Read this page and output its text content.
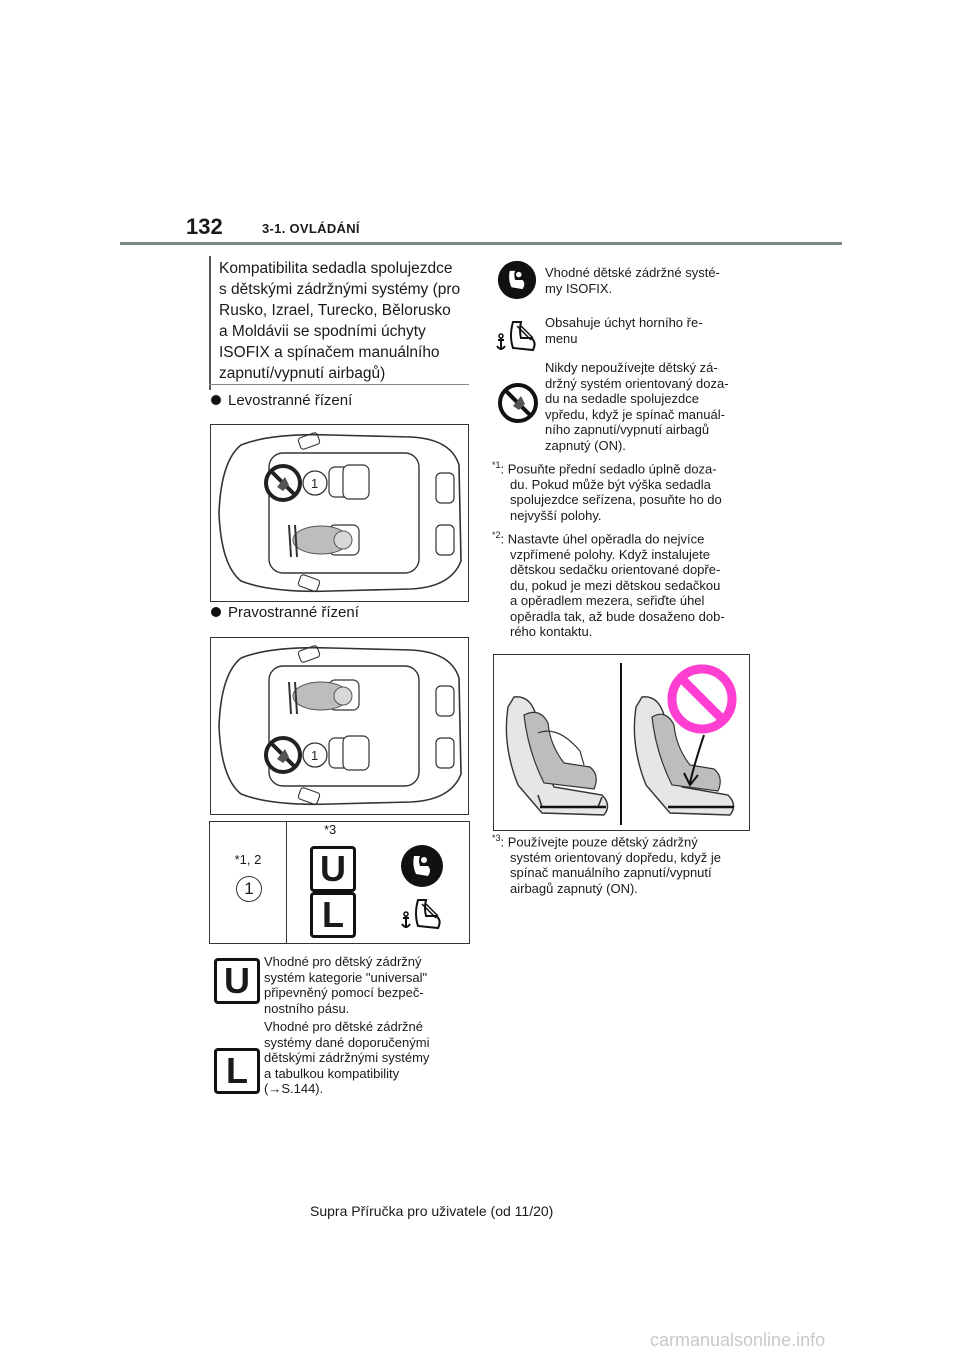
132	3-1. OVLÁDÁNÍ
Kompatibilita sedadla spolujezdce
s dětskými zádržnými systémy (pro
Rusko, Izrael, Turecko, Bělorusko
a Moldávii se spodními úchyty
ISOFIX a spínačem manuálního
zapnutí/vypnutí airbagů)
Levostranné řízení
1
Pravostranné řízení
1
*1, 2
1
*3
U
L
U	Vhodné pro dětský zádržný
systém kategorie "universal"
připevněný pomocí bezpeč-
nostního pásu.
L
Vhodné pro dětské zádržné
systémy dané doporučenými
dětskými zádržnými systémy
a tabulkou kompatibility
(→S.144).
Vhodné dětské zádržné systé-
my ISOFIX.
Obsahuje úchyt horního ře-
menu
Nikdy nepoužívejte dětský zá-
držný systém orientovaný doza-
du na sedadle spolujezdce
vpředu, když je spínač manuál-
ního zapnutí/vypnutí airbagů
zapnutý (ON).
$^{*1}$: Posuňte přední sedadlo úplně doza-
du. Pokud může být výška sedadla
spolujezdce seřízena, posuňte ho do
nejvyšší polohy.
$^{*2}$: Nastavte úhel opěradla do nejvíce
vzpřímené polohy. Když instalujete
dětskou sedačku orientované dopře-
du, pokud je mezi dětskou sedačkou
a opěradlem mezera, seřiďte úhel
opěradla tak, až bude dosaženo dob-
rého kontaktu.
$^{*3}$: Používejte pouze dětský zádržný
systém orientovaný dopředu, když je
spínač manuálního zapnutí/vypnutí
airbagů zapnutý (ON).
Supra Příručka pro uživatele (od 11/20)
carmanualsonline.info
